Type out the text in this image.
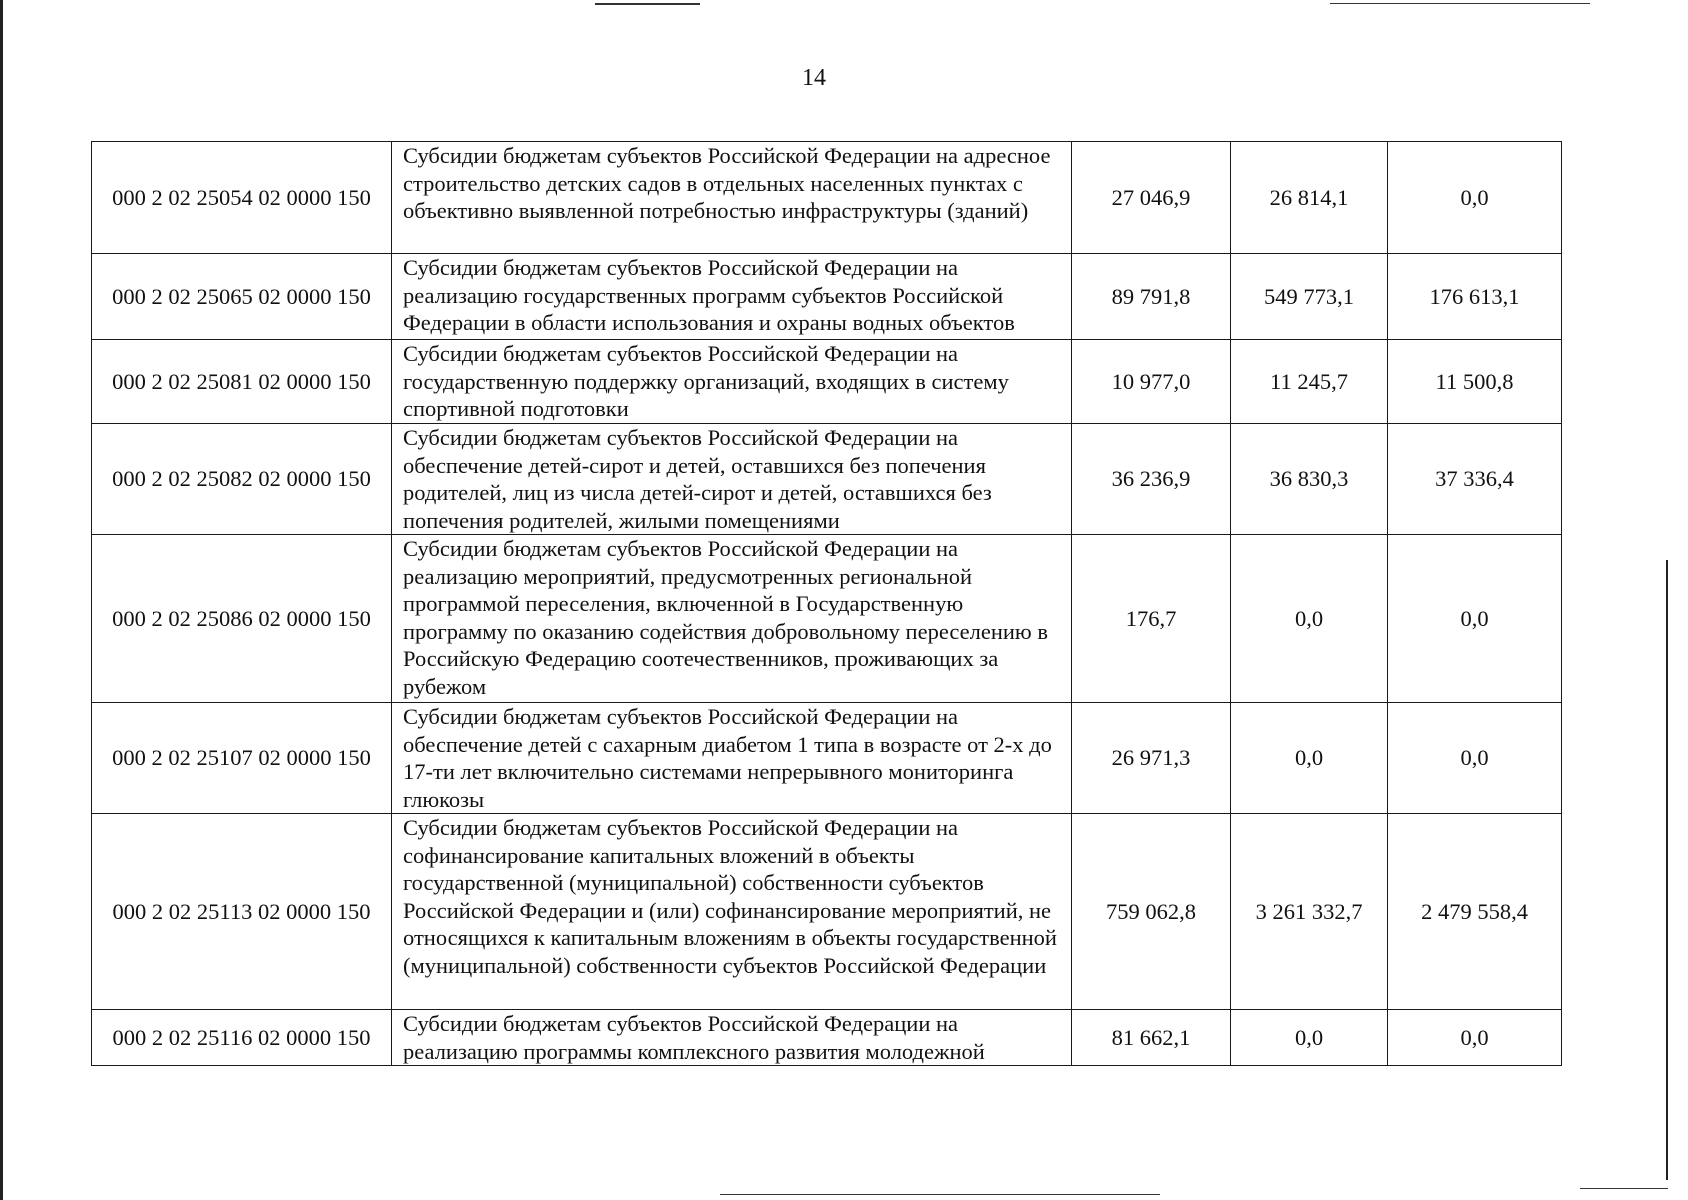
14
000 2 02 25054 02 0000 150	Субсидии бюджетам субъектов Российской Федерации на адресное строительство детских садов в отдельных населенных пунктах с объективно выявленной потребностью инфраструктуры (зданий)	27 046,9	26 814,1	0,0
000 2 02 25065 02 0000 150	Субсидии бюджетам субъектов Российской Федерации на реализацию государственных программ субъектов Российской Федерации в области использования и охраны водных объектов	89 791,8	549 773,1	176 613,1
000 2 02 25081 02 0000 150	Субсидии бюджетам субъектов Российской Федерации на государственную поддержку организаций, входящих в систему спортивной подготовки	10 977,0	11 245,7	11 500,8
000 2 02 25082 02 0000 150	Субсидии бюджетам субъектов Российской Федерации на обеспечение детей-сирот и детей, оставшихся без попечения родителей, лиц из числа детей-сирот и детей, оставшихся без попечения родителей, жилыми помещениями	36 236,9	36 830,3	37 336,4
000 2 02 25086 02 0000 150	Субсидии бюджетам субъектов Российской Федерации на реализацию мероприятий, предусмотренных региональной программой переселения, включенной в Государственную программу по оказанию содействия добровольному переселению в Российскую Федерацию соотечественников, проживающих за рубежом	176,7	0,0	0,0
000 2 02 25107 02 0000 150	Субсидии бюджетам субъектов Российской Федерации на обеспечение детей с сахарным диабетом 1 типа в возрасте от 2-х до 17-ти лет включительно системами непрерывного мониторинга глюкозы	26 971,3	0,0	0,0
000 2 02 25113 02 0000 150	Субсидии бюджетам субъектов Российской Федерации на софинансирование капитальных вложений в объекты государственной (муниципальной) собственности субъектов Российской Федерации и (или) софинансирование мероприятий, не относящихся к капитальным вложениям в объекты государственной (муниципальной) собственности субъектов Российской Федерации	759 062,8	3 261 332,7	2 479 558,4
000 2 02 25116 02 0000 150	Субсидии бюджетам субъектов Российской Федерации на реализацию программы комплексного развития молодежной	81 662,1	0,0	0,0
